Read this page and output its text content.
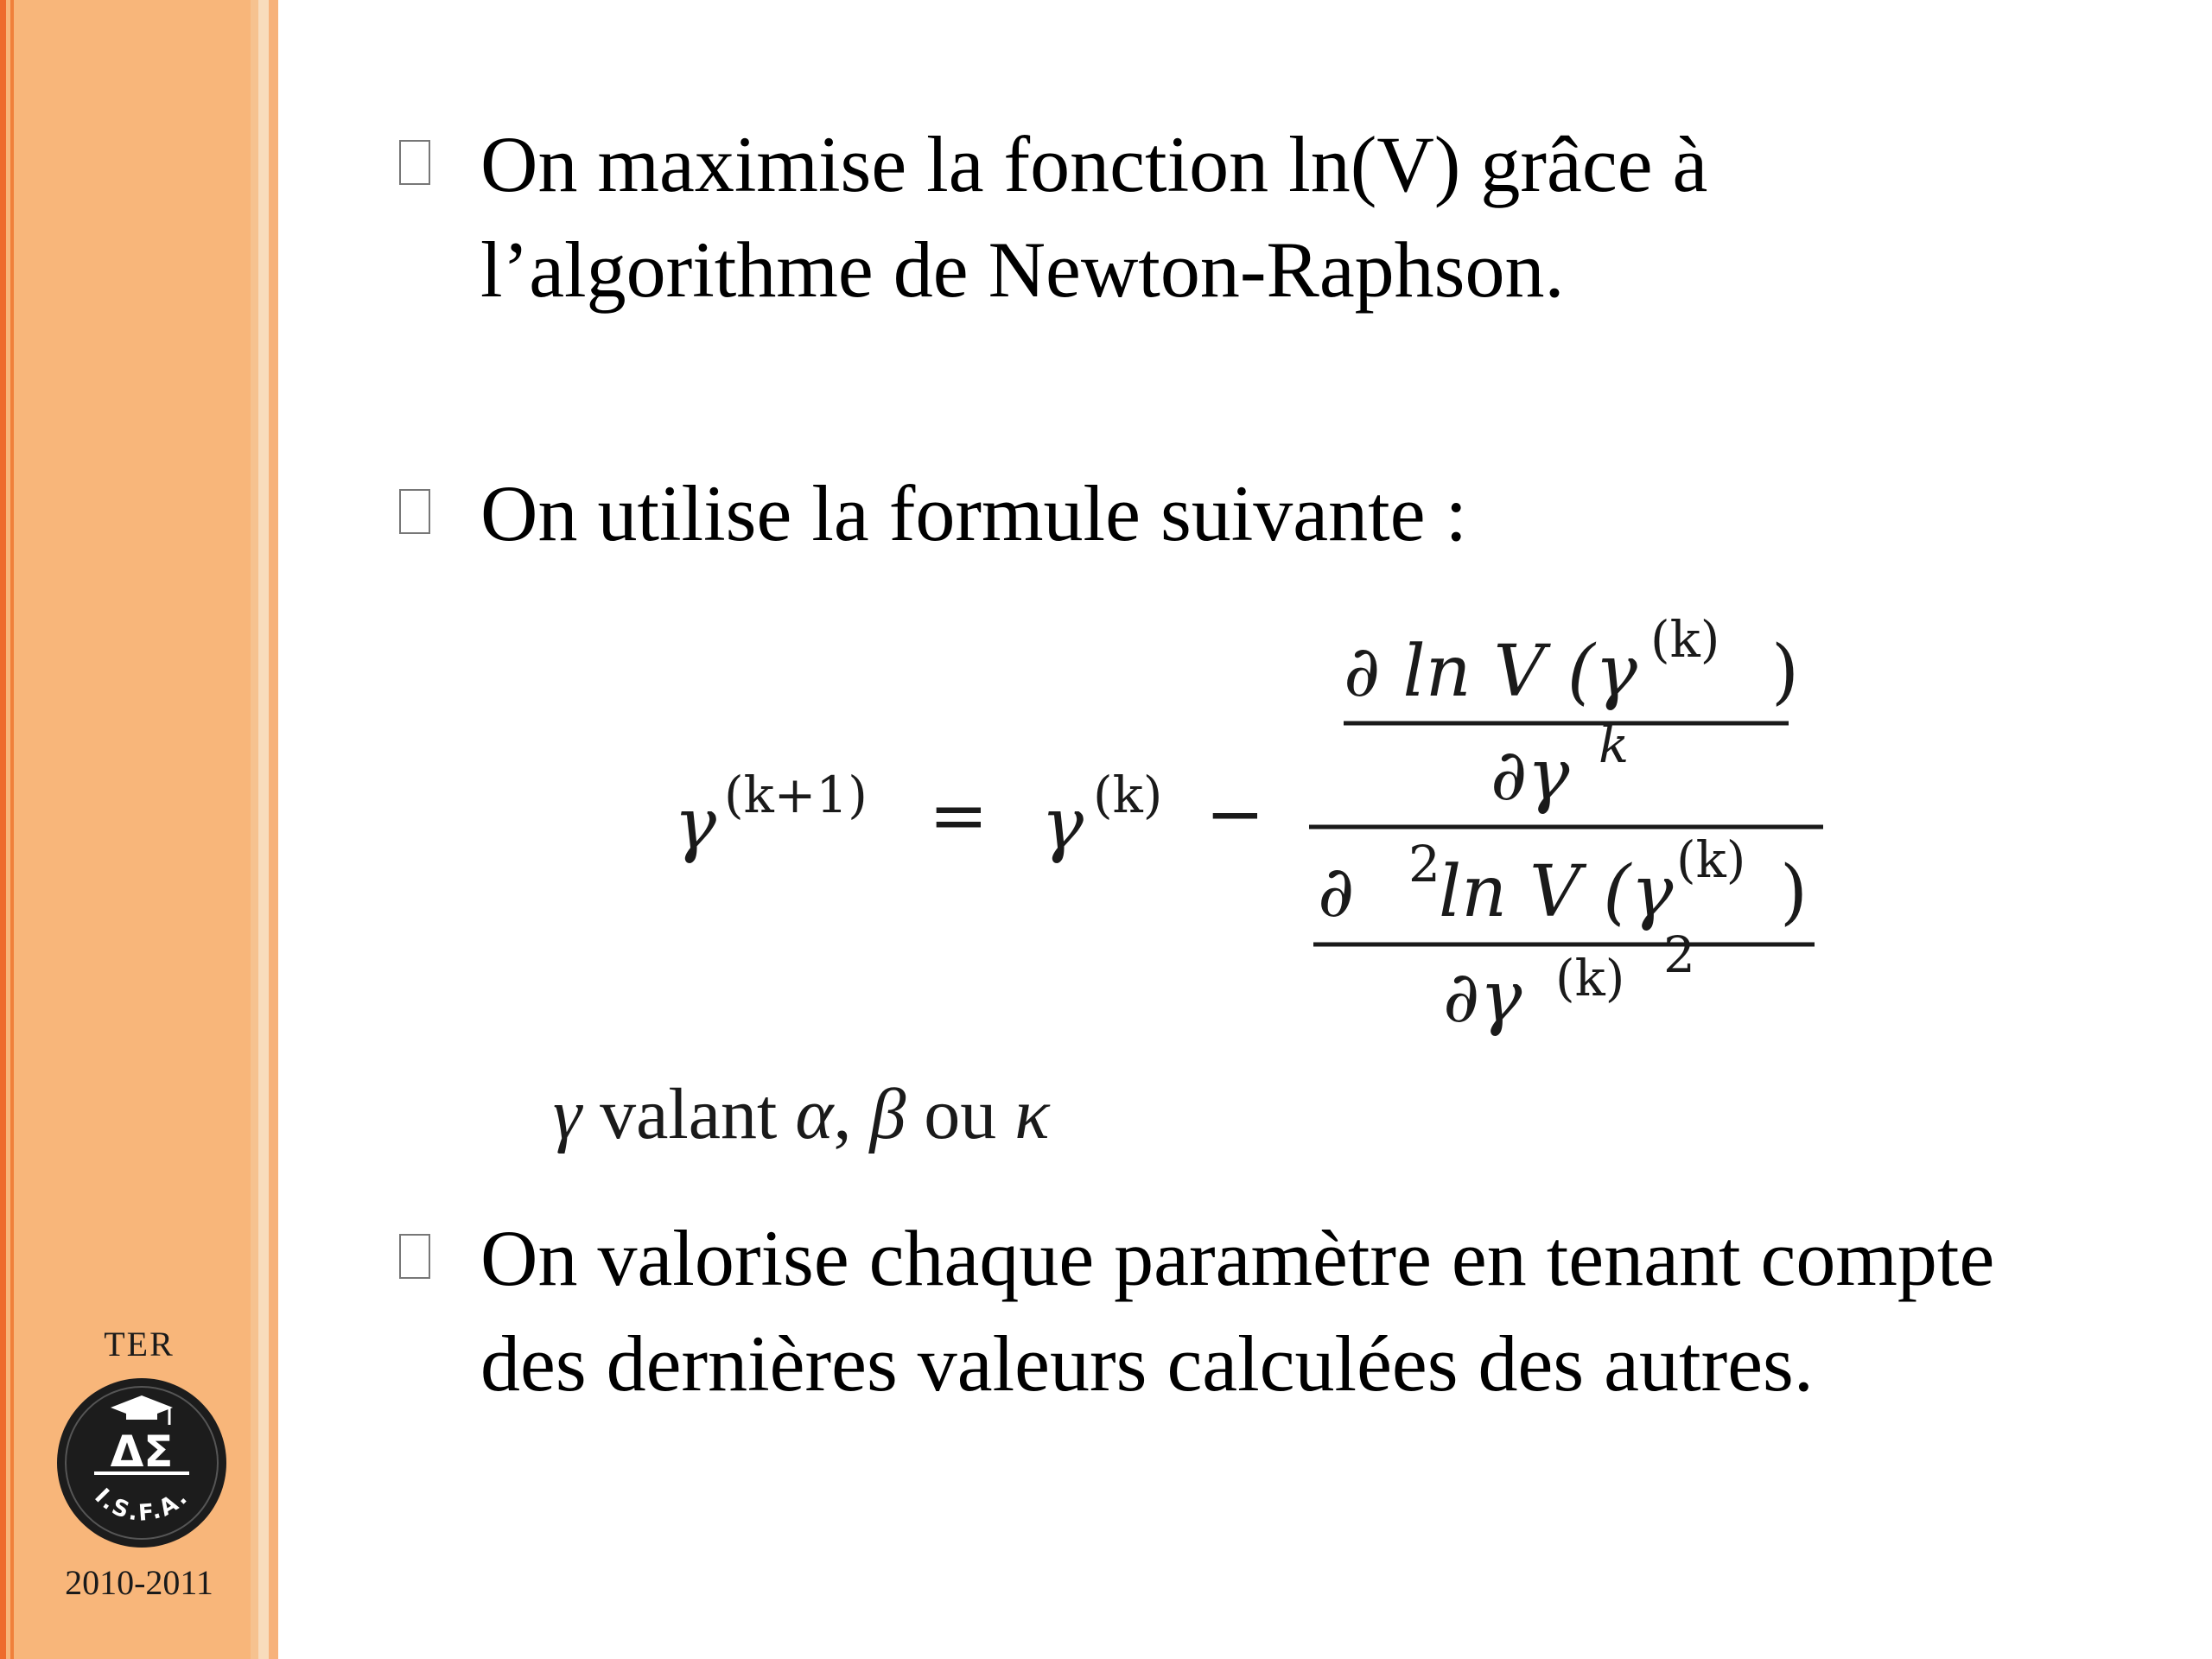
TER
ΔΣ
I.S.F.A.
2010-2011
On maximise la fonction ln(V) grâce à
l’algorithme de Newton-Raphson.
On utilise la formule suivante :
γ (k+1) = γ (k) −
∂ ln V (γ (k) )
∂γ k
∂ 2
ln V (γ (k) )
∂γ (k) 2
γ valant α, β ou κ
On valorise chaque paramètre en tenant compte
des dernières valeurs calculées des autres.
